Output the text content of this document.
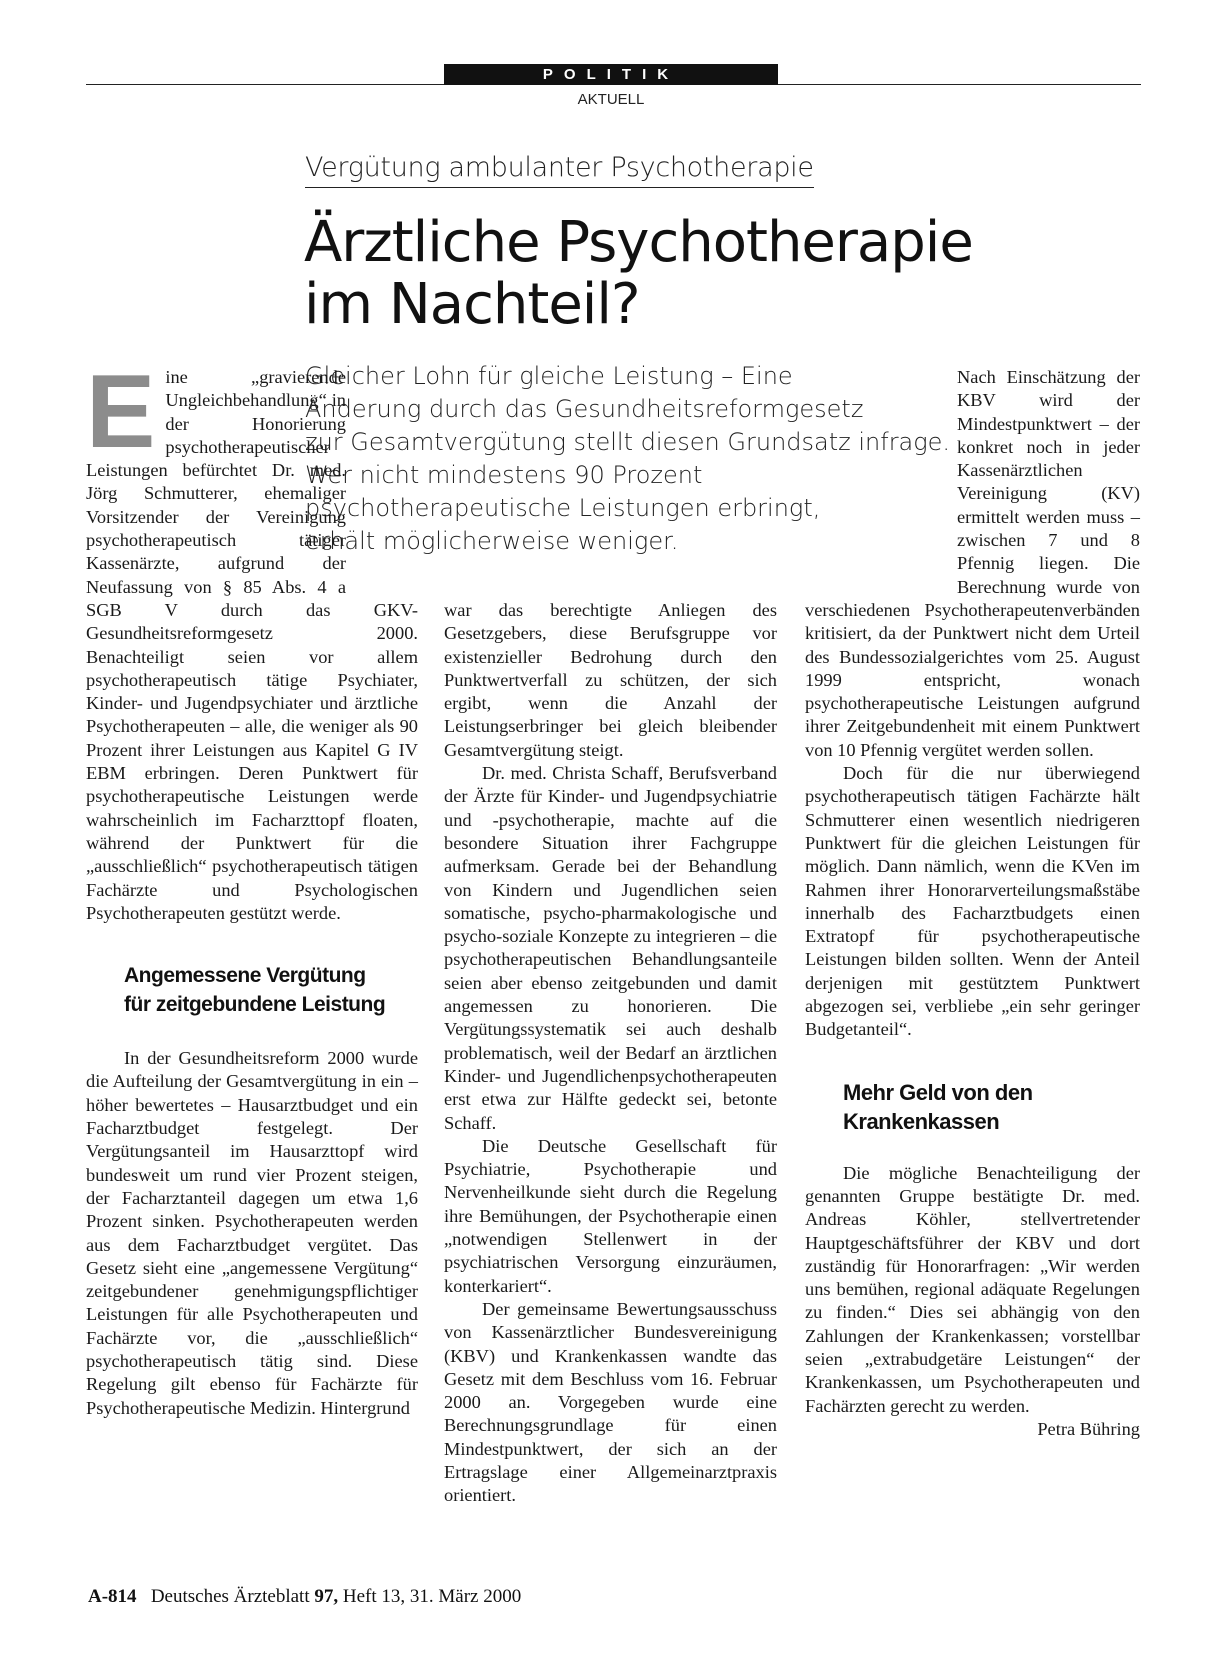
POLITIK
AKTUELL
Vergütung ambulanter Psychotherapie
Ärztliche Psychotherapie
im Nachteil?
Gleicher Lohn für gleiche Leistung – Eine
Änderung durch das Gesundheitsreformgesetz
zur Gesamtvergütung stellt diesen Grundsatz infrage.
Wer nicht mindestens 90 Prozent
psychotherapeutische Leistungen erbringt,
erhält möglicherweise weniger.

Eine „gravierende Ungleichbehandlung“ in der Honorierung psychotherapeutischer Leistungen befürchtet Dr. med. Jörg Schmutterer, ehemaliger Vorsitzender der Vereinigung psychotherapeutisch tätiger Kassenärzte, aufgrund der Neufassung von § 85 Abs. 4 a SGB V durch das GKV-Gesundheitsreformgesetz 2000. Benachteiligt seien vor allem psychotherapeutisch tätige Psychiater, Kinder- und Jugendpsychiater und ärztliche Psychotherapeuten – alle, die weniger als 90 Prozent ihrer Leistungen aus Kapitel G IV EBM erbringen. Deren Punktwert für psychotherapeutische Leistungen werde wahrscheinlich im Facharzttopf floaten, während der Punktwert für die „ausschließlich“ psychotherapeutisch tätigen Fachärzte und Psychologischen Psychotherapeuten gestützt werde.

Angemessene Vergütung
für zeitgebundene Leistung

In der Gesundheitsreform 2000 wurde die Aufteilung der Gesamtvergütung in ein – höher bewertetes – Hausarztbudget und ein Facharztbudget festgelegt. Der Vergütungsanteil im Hausarzttopf wird bundesweit um rund vier Prozent steigen, der Facharztanteil dagegen um etwa 1,6 Prozent sinken. Psychotherapeuten werden aus dem Facharztbudget vergütet. Das Gesetz sieht eine „angemessene Vergütung“ zeitgebundener genehmigungspflichtiger Leistungen für alle Psychotherapeuten und Fachärzte vor, die „ausschließlich“ psychotherapeutisch tätig sind. Diese Regelung gilt ebenso für Fachärzte für Psychotherapeutische Medizin. Hintergrund

war das berechtigte Anliegen des Gesetzgebers, diese Berufsgruppe vor existenzieller Bedrohung durch den Punktwertverfall zu schützen, der sich ergibt, wenn die Anzahl der Leistungserbringer bei gleich bleibender Gesamtvergütung steigt.

Dr. med. Christa Schaff, Berufsverband der Ärzte für Kinder- und Jugendpsychiatrie und -psychotherapie, machte auf die besondere Situation ihrer Fachgruppe aufmerksam. Gerade bei der Behandlung von Kindern und Jugendlichen seien somatische, psycho-pharmakologische und psycho-soziale Konzepte zu integrieren – die psychotherapeutischen Behandlungsanteile seien aber ebenso zeitgebunden und damit angemessen zu honorieren. Die Vergütungssystematik sei auch deshalb problematisch, weil der Bedarf an ärztlichen Kinder- und Jugendlichenpsychotherapeuten erst etwa zur Hälfte gedeckt sei, betonte Schaff.

Die Deutsche Gesellschaft für Psychiatrie, Psychotherapie und Nervenheilkunde sieht durch die Regelung ihre Bemühungen, der Psychotherapie einen „notwendigen Stellenwert in der psychiatrischen Versorgung einzuräumen, konterkariert“.

Der gemeinsame Bewertungsausschuss von Kassenärztlicher Bundesvereinigung (KBV) und Krankenkassen wandte das Gesetz mit dem Beschluss vom 16. Februar 2000 an. Vorgegeben wurde eine Berechnungsgrundlage für einen Mindestpunktwert, der sich an der Ertragslage einer Allgemeinarztpraxis orientiert.

Nach Einschätzung der KBV wird der Mindestpunktwert – der konkret noch in jeder Kassenärztlichen Vereinigung (KV) ermittelt werden muss – zwischen 7 und 8 Pfennig liegen. Die Berechnung wurde von verschiedenen Psychotherapeutenverbänden kritisiert, da der Punktwert nicht dem Urteil des Bundessozialgerichtes vom 25. August 1999 entspricht, wonach psychotherapeutische Leistungen aufgrund ihrer Zeitgebundenheit mit einem Punktwert von 10 Pfennig vergütet werden sollen.

Doch für die nur überwiegend psychotherapeutisch tätigen Fachärzte hält Schmutterer einen wesentlich niedrigeren Punktwert für die gleichen Leistungen für möglich. Dann nämlich, wenn die KVen im Rahmen ihrer Honorarverteilungsmaßstäbe innerhalb des Facharztbudgets einen Extratopf für psychotherapeutische Leistungen bilden sollten. Wenn der Anteil derjenigen mit gestütztem Punktwert abgezogen sei, verbliebe „ein sehr geringer Budgetanteil“.

Mehr Geld von den
Krankenkassen

Die mögliche Benachteiligung der genannten Gruppe bestätigte Dr. med. Andreas Köhler, stellvertretender Hauptgeschäftsführer der KBV und dort zuständig für Honorarfragen: „Wir werden uns bemühen, regional adäquate Regelungen zu finden.“ Dies sei abhängig von den Zahlungen der Krankenkassen; vorstellbar seien „extrabudgetäre Leistungen“ der Krankenkassen, um Psychotherapeuten und Fachärzten gerecht zu werden.
Petra Bühring

A-814 Deutsches Ärzteblatt 97, Heft 13, 31. März 2000
